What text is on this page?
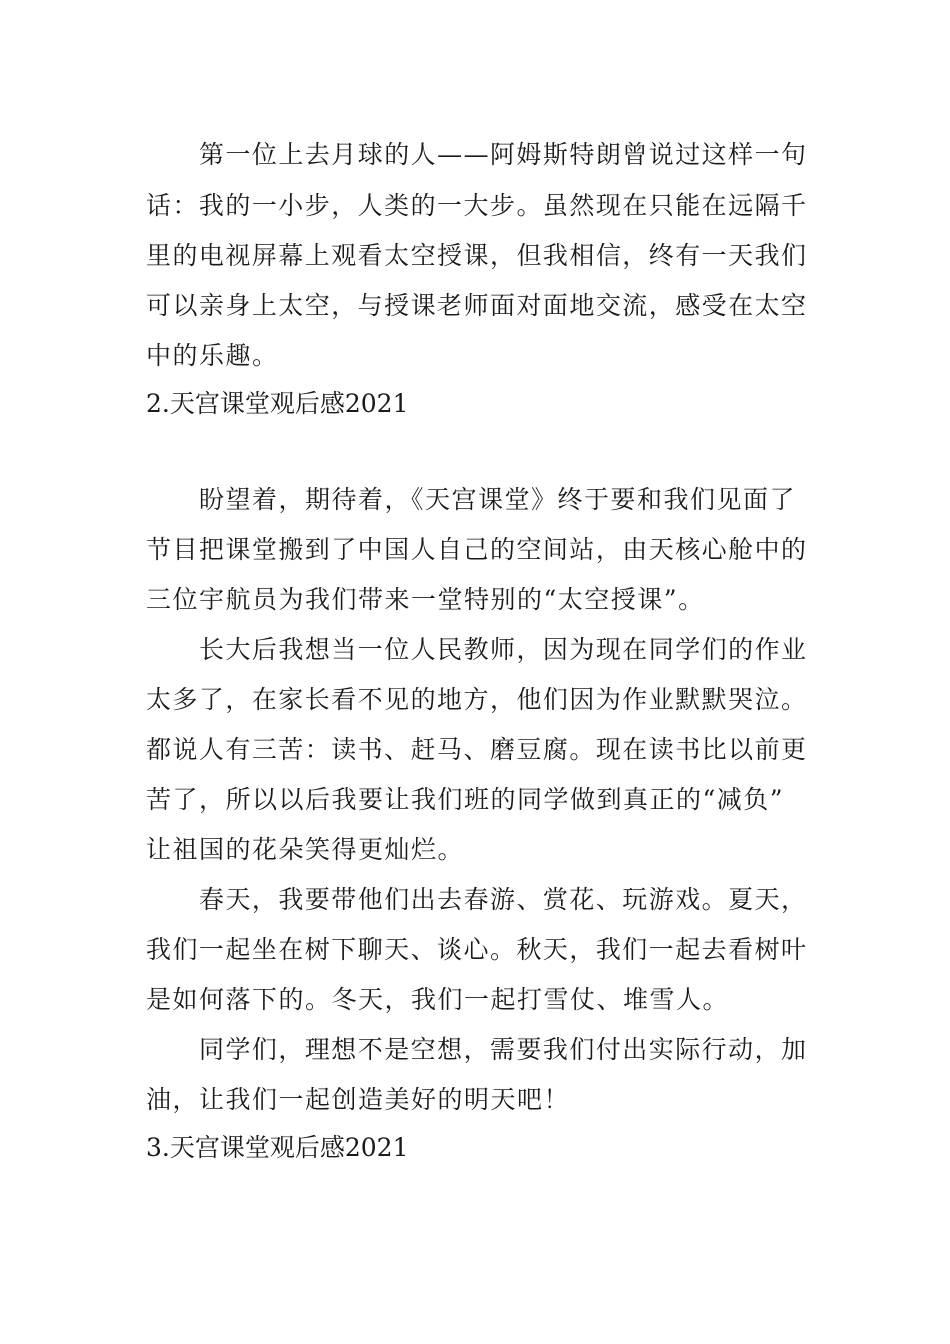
第一位上去月球的人——阿姆斯特朗曾说过这样一句
话：我的一小步，人类的一大步。虽然现在只能在远隔千
里的电视屏幕上观看太空授课，但我相信，终有一天我们
可以亲身上太空，与授课老师面对面地交流，感受在太空
中的乐趣。
2.天宫课堂观后感2021
盼望着，期待着，《天宫课堂》终于要和我们见面了
节目把课堂搬到了中国人自己的空间站，由天核心舱中的
三位宇航员为我们带来一堂特别的“太空授课”。
长大后我想当一位人民教师，因为现在同学们的作业
太多了，在家长看不见的地方，他们因为作业默默哭泣。
都说人有三苦：读书、赶马、磨豆腐。现在读书比以前更
苦了，所以以后我要让我们班的同学做到真正的“减负”
让祖国的花朵笑得更灿烂。
春天，我要带他们出去春游、赏花、玩游戏。夏天，
我们一起坐在树下聊天、谈心。秋天，我们一起去看树叶
是如何落下的。冬天，我们一起打雪仗、堆雪人。
同学们，理想不是空想，需要我们付出实际行动，加
油，让我们一起创造美好的明天吧！
3.天宫课堂观后感2021
